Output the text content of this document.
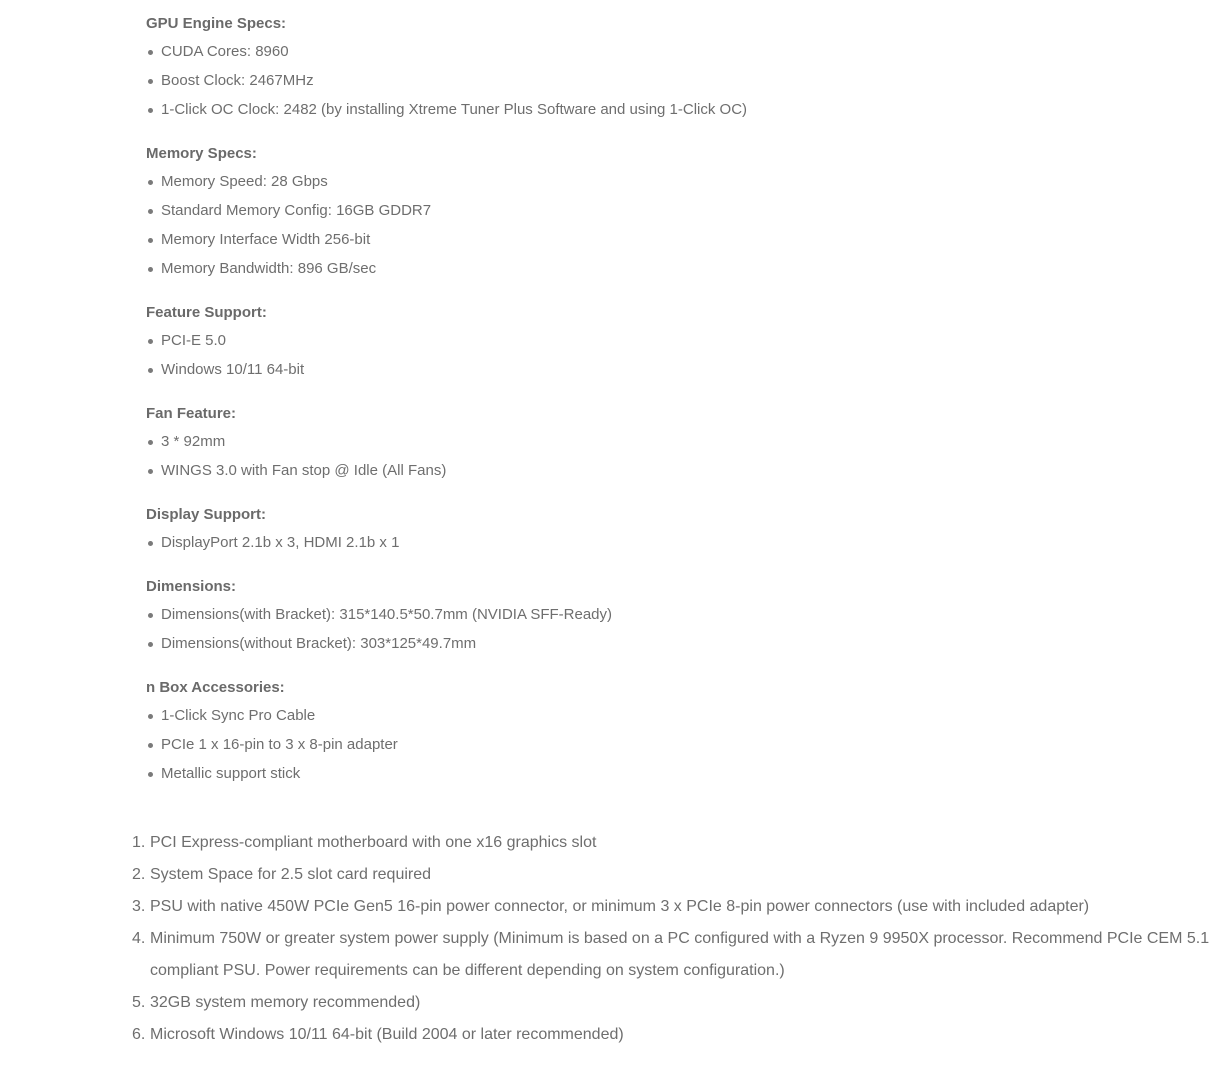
GPU Engine Specs:
CUDA Cores: 8960
Boost Clock: 2467MHz
1-Click OC Clock: 2482 (by installing Xtreme Tuner Plus Software and using 1-Click OC)
Memory Specs:
Memory Speed: 28 Gbps
Standard Memory Config: 16GB GDDR7
Memory Interface Width 256-bit
Memory Bandwidth: 896 GB/sec
Feature Support:
PCI-E 5.0
Windows 10/11 64-bit
Fan Feature:
3 * 92mm
WINGS 3.0 with Fan stop @ Idle (All Fans)
Display Support:
DisplayPort 2.1b x 3, HDMI 2.1b x 1
Dimensions:
Dimensions(with Bracket): 315*140.5*50.7mm (NVIDIA SFF-Ready)
Dimensions(without Bracket): 303*125*49.7mm
n Box Accessories:
1-Click Sync Pro Cable
PCIe 1 x 16-pin to 3 x 8-pin adapter
Metallic support stick
1. PCI Express-compliant motherboard with one x16 graphics slot
2. System Space for 2.5 slot card required
3. PSU with native 450W PCIe Gen5 16-pin power connector, or minimum 3 x PCIe 8-pin power connectors (use with included adapter)
4. Minimum 750W or greater system power supply (Minimum is based on a PC configured with a Ryzen 9 9950X processor. Recommend PCIe CEM 5.1 compliant PSU. Power requirements can be different depending on system configuration.)
5. 32GB system memory recommended)
6. Microsoft Windows 10/11 64-bit (Build 2004 or later recommended)
